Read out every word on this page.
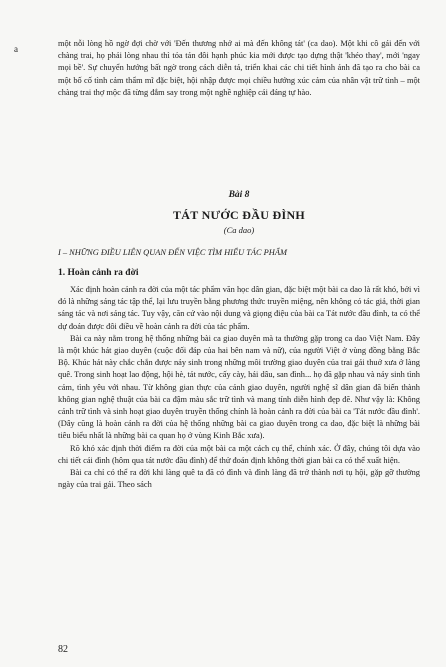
a

một nỗi lòng hồ ngờ đợi chờ với 'Đến thương nhớ ai mà đến không tát' (ca dao). Một khi cô gái đến với chàng trai, họ phải lòng nhau thì tỏa tản đôi hạnh phúc kia mới được tạo dựng thật 'khéo thay', mới 'ngay mọi bề'. Sự chuyển hướng bất ngờ trong cách diễn tả, triển khai các chi tiết hình ảnh đã tạo ra cho bài ca một bố cố tình cảm thẩm mĩ đặc biệt, hội nhập được mọi chiều hướng xúc cảm của nhân vật trữ tình – một chàng trai thợ mộc đã từng đắm say trong một nghề nghiệp cái đáng tự hào.

Bài 8
TÁT NƯỚC ĐẦU ĐÌNH
(Ca dao)
I – NHỮNG ĐIỀU LIÊN QUAN ĐẾN VIỆC TÌM HIỂU TÁC PHẨM
1. Hoàn cảnh ra đời

Xác định hoàn cảnh ra đời của một tác phẩm văn học dân gian, đặc biệt một bài ca dao là rất khó, bởi vì đó là những sáng tác tập thể, lại lưu truyền bằng phương thức truyền miệng, nên không có tác giả, thời gian sáng tác và nơi sáng tác. Tuy vậy, căn cứ vào nội dung và giọng điệu của bài ca Tát nước đầu đình, ta có thể dự đoán được đôi điều về hoàn cảnh ra đời của tác phẩm.

Bài ca này nằm trong hệ thống những bài ca giao duyên mà ta thường gặp trong ca dao Việt Nam. Đây là một khúc hát giao duyên (cuộc đối đáp của hai bên nam và nữ), của người Việt ở vùng đồng bằng Bắc Bộ. Khúc hát này chắc chắn được nảy sinh trong những môi trường giao duyên của trai gái thuở xưa ở làng quê. Trong sinh hoạt lao động, hội hè, tát nước, cấy cày, hái dâu, san đình... họ đã gặp nhau và nảy sinh tình cảm, tình yêu với nhau. Từ không gian thực của cảnh giao duyên, người nghệ sĩ dân gian đã biến thành không gian nghệ thuật của bài ca đậm màu sắc trữ tình và mang tính diễn hình đẹp đẽ. Như vậy là: Không cảnh trữ tình và sinh hoạt giao duyên truyền thống chính là hoàn cảnh ra đời của bài ca 'Tát nước đầu đình'. (Dây cũng là hoàn cảnh ra đời của hệ thống những bài ca giao duyên trong ca dao, đặc biệt là những bài tiêu biểu nhất là những bài ca quan họ ở vùng Kinh Bắc xưa).

Rõ khó xác định thời điểm ra đời của một bài ca một cách cụ thể, chính xác. Ở đây, chúng tôi dựa vào chi tiết cái đình (hôm qua tát nước đầu đình) để thử đoán định không thời gian bài ca có thể xuất hiện.

Bài ca chỉ có thể ra đời khi làng quê ta đã có đình và đình làng đã trở thành nơi tụ hội, gặp gỡ thường ngày của trai gái. Theo sách

82
